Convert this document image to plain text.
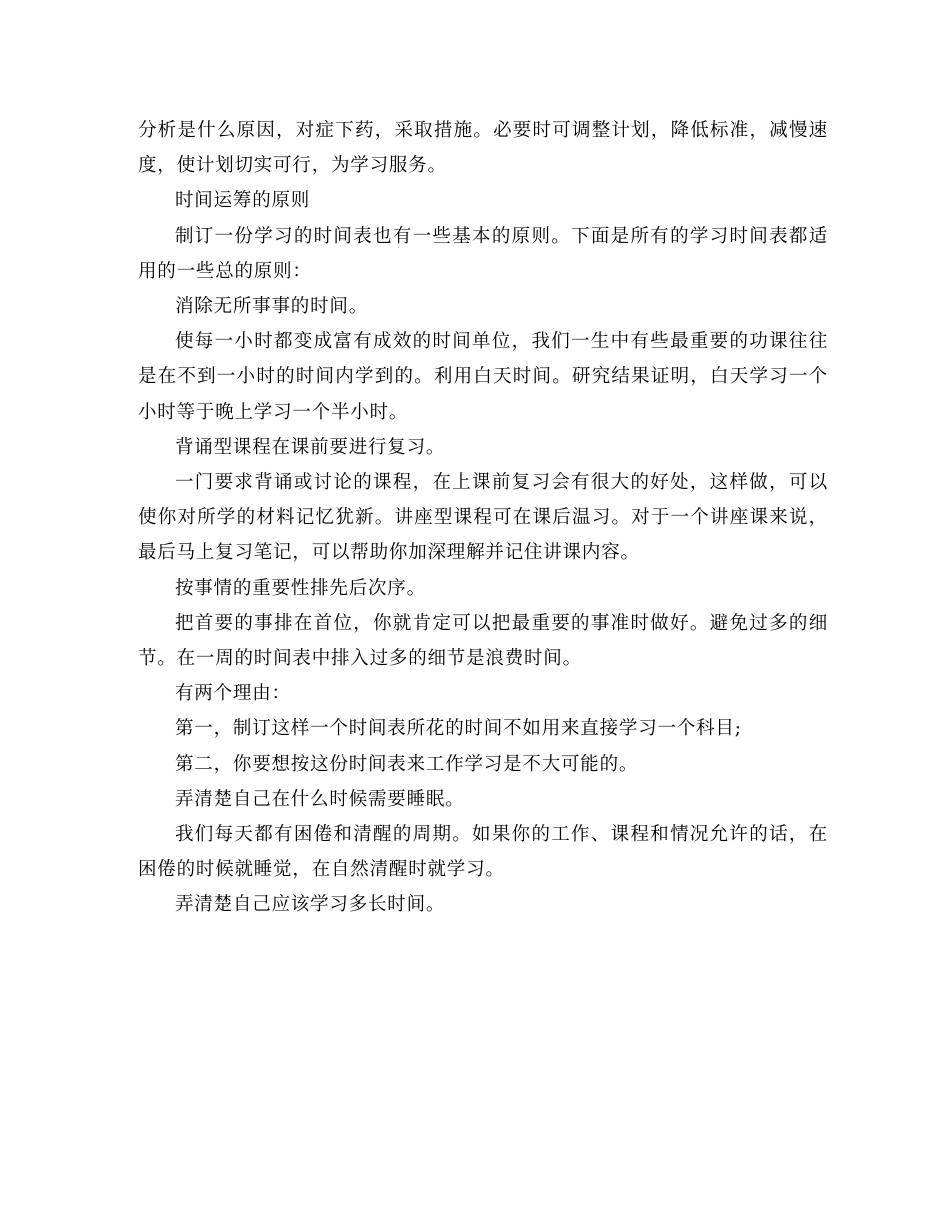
分析是什么原因，对症下药，采取措施。必要时可调整计划，降低标准，减慢速度，使计划切实可行，为学习服务。

时间运筹的原则

制订一份学习的时间表也有一些基本的原则。下面是所有的学习时间表都适用的一些总的原则：

消除无所事事的时间。

使每一小时都变成富有成效的时间单位，我们一生中有些最重要的功课往往是在不到一小时的时间内学到的。利用白天时间。研究结果证明，白天学习一个小时等于晚上学习一个半小时。

背诵型课程在课前要进行复习。

一门要求背诵或讨论的课程，在上课前复习会有很大的好处，这样做，可以使你对所学的材料记忆犹新。讲座型课程可在课后温习。对于一个讲座课来说，最后马上复习笔记，可以帮助你加深理解并记住讲课内容。

按事情的重要性排先后次序。

把首要的事排在首位，你就肯定可以把最重要的事准时做好。避免过多的细节。在一周的时间表中排入过多的细节是浪费时间。

有两个理由：

第一，制订这样一个时间表所花的时间不如用来直接学习一个科目;

第二，你要想按这份时间表来工作学习是不大可能的。

弄清楚自己在什么时候需要睡眠。

我们每天都有困倦和清醒的周期。如果你的工作、课程和情况允许的话，在困倦的时候就睡觉，在自然清醒时就学习。

弄清楚自己应该学习多长时间。
